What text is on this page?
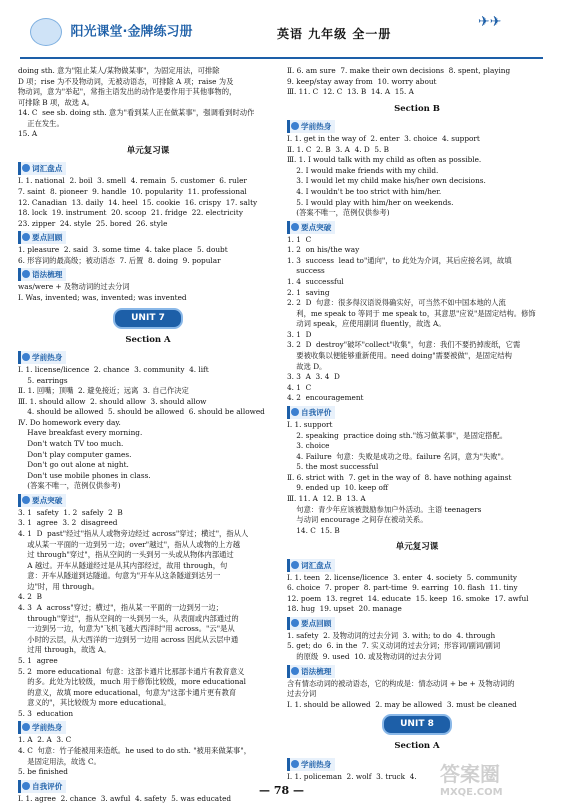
阳光课堂·金牌练习册	英语 九年级 全一册
✈✈

doing sth. 意为"阻止某人/某物做某事"，为固定用法，可排除
D 项；rise 为不及物动词，无被动语态，可排除 A 项；raise 为及
物动词，意为"举起"，常指主语发出的动作是要作用于其他事物的，
可排除 B 项，故选 A。
14. C  see sb. doing sth. 意为"看到某人正在做某事"，强调看到时动作
正在发生。
15. A

单元复习课
词汇盘点

Ⅰ. 1. national  2. boil  3. smell  4. remain  5. customer  6. ruler
7. saint  8. pioneer  9. handle  10. popularity  11. professional
12. Canadian  13. daily  14. heel  15. cookie  16. crispy  17. salty
18. lock  19. instrument  20. scoop  21. fridge  22. electricity
23. zipper  24. style  25. bored  26. style

要点回顾

1. pleasure  2. said  3. some time  4. take place  5. doubt
6. 形容词的最高级；被动语态  7. 后置  8. doing  9. popular

语法梳理

was/were + 及物动词的过去分词
Ⅰ. Was, invented; was, invented; was invented

UNIT 7
Section A
学前热身

Ⅰ. 1. license/licence  2. chance  3. community  4. lift
5. earrings
Ⅱ. 1. 回嘴；顶嘴  2. 避免接近；远离  3. 自己作决定
Ⅲ. 1. should allow  2. should allow  3. should allow
4. should be allowed  5. should be allowed  6. should be allowed
Ⅳ. Do homework every day.
Have breakfast every morning.
Don't watch TV too much.
Don't play computer games.
Don't go out alone at night.
Don't use mobile phones in class.
(答案不唯一，范例仅供参考)

要点突破

3. 1  safety  1. 2  safely  2  B
3. 1  agree  3. 2  disagreed
4. 1  D  past"经过"指从人或物旁边经过 across"穿过；横过"，指从人
或从某一平面的一边到另一边；over"越过"，指从人或物的上方越
过 through"穿过"，指从空间的一头到另一头或从物体内部通过
A 越过。开车从隧道经过是从其内部经过，故用 through，句
意：开车从隧道到达隧道。句意为"开车从这条隧道到达另一
边"时，用 through。
4. 2  B
4. 3  A  across"穿过；横过"，指从某一平面的一边到另一边；
through"穿过"，指从空间的一头到另一头，从表面或内部通过的
一边到另一边，句意为"飞机飞越大西洋时"用 across。"云"是从
小时的云层，从大西洋的一边到另一边用 across 因此从云层中通
过用 through，故选 A。
5. 1  agree
5. 2  more educational  句意：这部卡通片比那部卡通片有教育意义
的多。此处为比较级，much 用于修饰比较级，more educational
的意义，故填 more educational，句意为"这部卡通片更有教育
意义的"，其比较级为 more educational。
5. 3  education

学前热身

1. A  2. A  3. C
4. C  句意：竹子能被用来造纸。he used to do sth. "被用来做某事"，
是固定用法，故选 C。
5. be finished

自我评价

Ⅰ. 1. agree  2. chance  3. awful  4. safety  5. was educated

Ⅱ. 6. am sure  7. make their own decisions  8. spent, playing
9. keep/stay away from  10. worry about
Ⅲ. 11. C  12. C  13. B  14. A  15. A

Section B
学前热身

Ⅰ. 1. get in the way of  2. enter  3. choice  4. support
Ⅱ. 1. C  2. B  3. A  4. D  5. B
Ⅲ. 1. I would talk with my child as often as possible.
2. I would make friends with my child.
3. I would let my child make his/her own decisions.
4. I wouldn't be too strict with him/her.
5. I would play with him/her on weekends.
(答案不唯一，范例仅供参考)

要点突破

1. 1  C
1. 2  on his/the way
1. 3  success  lead to"通向"，to 此处为介词，其后应接名词，故填
success
1. 4  successful
2. 1  saving
2. 2  D  句意：很多得汉语说得确实好，可当然不如中国本地的人流
利，me speak to 等同于 me speak to，其意思"应说"是固定结构。修饰
动词 speak，应使用副词 fluently，故选 A。
3. 1  D
3. 2  D  destroy"破坏"collect"收集"，句意：我们不要扔掉废纸，它需
要被收集以便能够重新使用。need doing"需要被做"，是固定结构
故选 D。
3. 3  A  3. 4  D
4. 1  C
4. 2  encouragement

自我评价

Ⅰ. 1. support
2. speaking  practice doing sth."练习做某事"，是固定搭配。
3. choice
4. Failure  句意：失败是成功之母。failure 名词，意为"失败"。
5. the most successful
Ⅱ. 6. strict with  7. get in the way of  8. have nothing against
9. ended up  10. keep off
Ⅲ. 11. A  12. B  13. A
句意：青少年应该被鼓励参加户外活动。主语 teenagers
与动词 encourage 之间存在被动关系。
14. C  15. B

单元复习课
词汇盘点

Ⅰ. 1. teen  2. license/licence  3. enter  4. society  5. community
6. choice  7. proper  8. part-time  9. earring  10. flash  11. tiny
12. poem  13. regret  14. educate  15. keep  16. smoke  17. awful
18. hug  19. upset  20. manage

要点回顾

1. safety  2. 及物动词的过去分词  3. with; to do  4. through
5. get; do  6. in the  7. 实义动词的过去分词；形容词/副词/副词
的原级  9. used  10. 或及物动词的过去分词

语法梳理

含有情态动词的被动语态，它的构成是：情态动词 + be + 及物动词的
过去分词
Ⅰ. 1. should be allowed  2. may be allowed  3. must be cleaned

UNIT 8
Section A
学前热身

Ⅰ. 1. policeman  2. wolf  3. truck  4.	答案圈
MXQE.COM
— 78 —
